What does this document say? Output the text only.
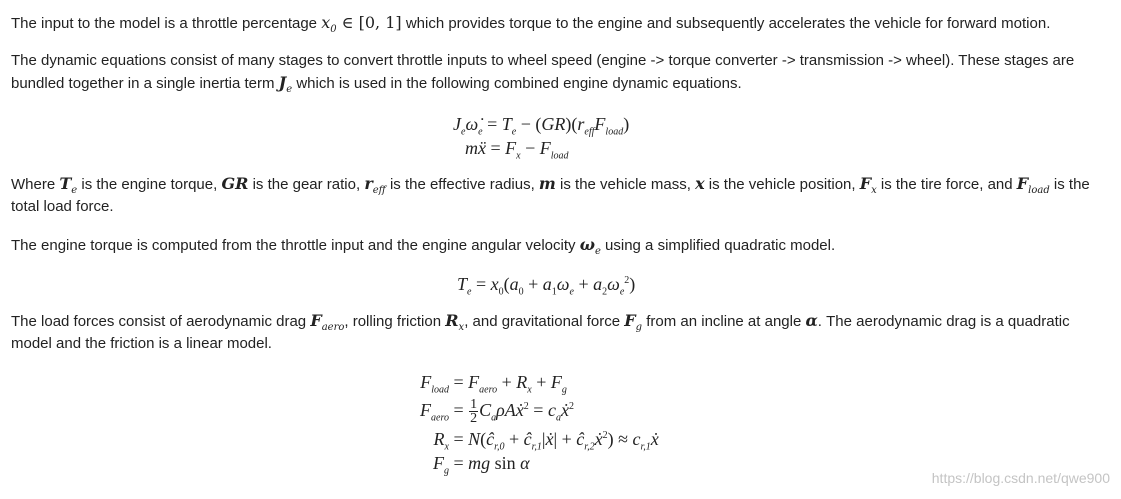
The input to the model is a throttle percentage $x_0$ ∈ [0, 1] which provides torque to the engine and subsequently accelerates the vehicle for forward motion.

The dynamic equations consist of many stages to convert throttle inputs to wheel speed (engine -> torque converter -> transmission -> wheel). These stages are bundled together in a single inertia term $J_e$ which is used in the following combined engine dynamic equations.

$J_e\omegȧ_e = T_e - (GR)(r_{eff}F_{load})$
mẍ = $F_x - F_{load}$

Where $T_e$ is the engine torque, GR is the gear ratio, $r_{eff}$ is the effective radius, m is the vehicle mass, x is the vehicle position, $F_x$ is the tire force, and $F_{load}$ is the total load force.

The engine torque is computed from the throttle input and the engine angular velocity $\omega_e$ using a simplified quadratic model.

$T_e = x_0(a_0 + a_1\omega_e + a_2\omega_e^2)$

The load forces consist of aerodynamic drag $F_{aero}$, rolling friction $R_x$, and gravitational force $F_g$ from an incline at angle α. The aerodynamic drag is a quadratic model and the friction is a linear model.

$F_{load} = F_{aero} + R_x + F_g$
$F_{aero} = \frac{1}{2}$ $C_a\rho Aẋ^2$ = $c_aẋ^2$
$R_x$ = $N(ĉ_{r,0}$ + $ĉ_{r,1}|ẋ|$ + $ĉ_{r,2}ẋ^2$) ≈ $c_{r,1}ẋ$
$F_g$ = mg sin α
https://blog.csdn.net/qwe900
